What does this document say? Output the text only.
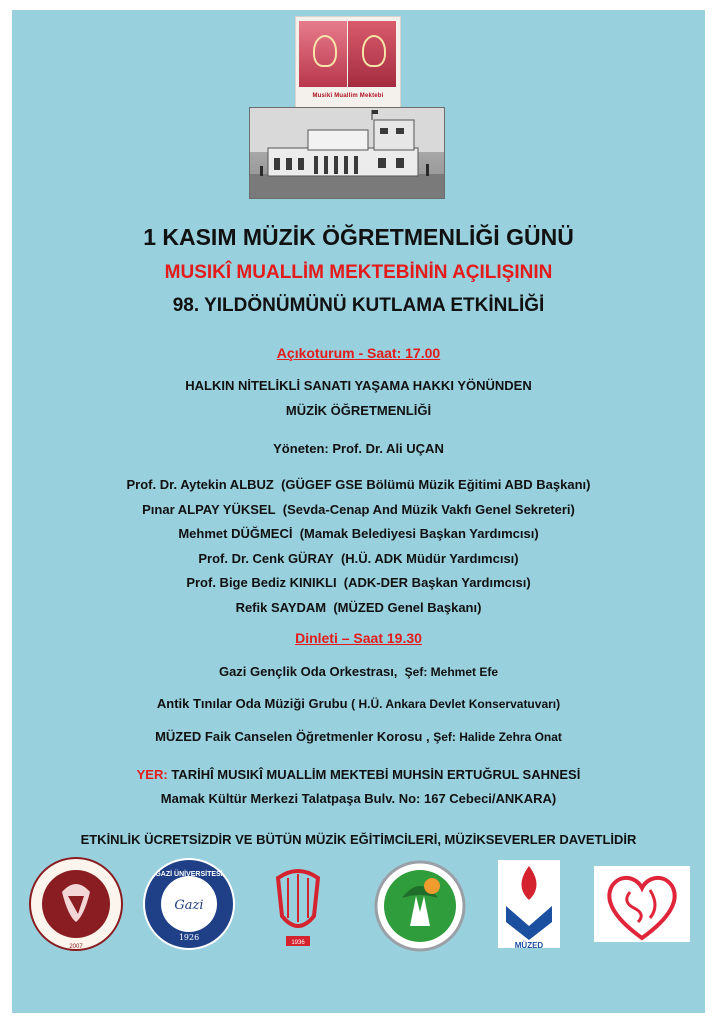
Musikî Muallim Mektebi
1 KASIM MÜZİK ÖĞRETMENLİĞİ GÜNÜ
MUSIKÎ MUALLİM MEKTEBİNİN AÇILIŞININ
98. YILDÖNÜMÜNÜ KUTLAMA ETKİNLİĞİ
Açıkoturum - Saat: 17.00
HALKIN NİTELİKLİ SANATI YAŞAMA HAKKI YÖNÜNDEN
MÜZİK ÖĞRETMENLİĞİ
Yöneten: Prof. Dr. Ali UÇAN
Prof. Dr. Aytekin ALBUZ (GÜGEF GSE Bölümü Müzik Eğitimi ABD Başkanı)
Pınar ALPAY YÜKSEL (Sevda-Cenap And Müzik Vakfı Genel Sekreteri)
Mehmet DÜĞMECİ (Mamak Belediyesi Başkan Yardımcısı)
Prof. Dr. Cenk GÜRAY (H.Ü. ADK Müdür Yardımcısı)
Prof. Bige Bediz KINIKLI (ADK-DER Başkan Yardımcısı)
Refik SAYDAM (MÜZED Genel Başkanı)
Dinleti – Saat 19.30
Gazi Gençlik Oda Orkestrası, Şef: Mehmet Efe
Antik Tınılar Oda Müziği Grubu ( H.Ü. Ankara Devlet Konservatuvarı)
MÜZED Faik Canselen Öğretmenler Korosu , Şef: Halide Zehra Onat
YER: TARİHÎ MUSIKÎ MUALLİM MEKTEBİ MUHSİN ERTUĞRUL SAHNESİ
Mamak Kültür Merkezi Talatpaşa Bulv. No: 167 Cebeci/ANKARA)
ETKİNLİK ÜCRETSİZDİR VE BÜTÜN MÜZİK EĞİTİMCİLERİ, MÜZİKSEVERLER DAVETLİDİR
2007
Gazi
1926
GAZİ ÜNİVERSİTESİ
1936	MÜZED
